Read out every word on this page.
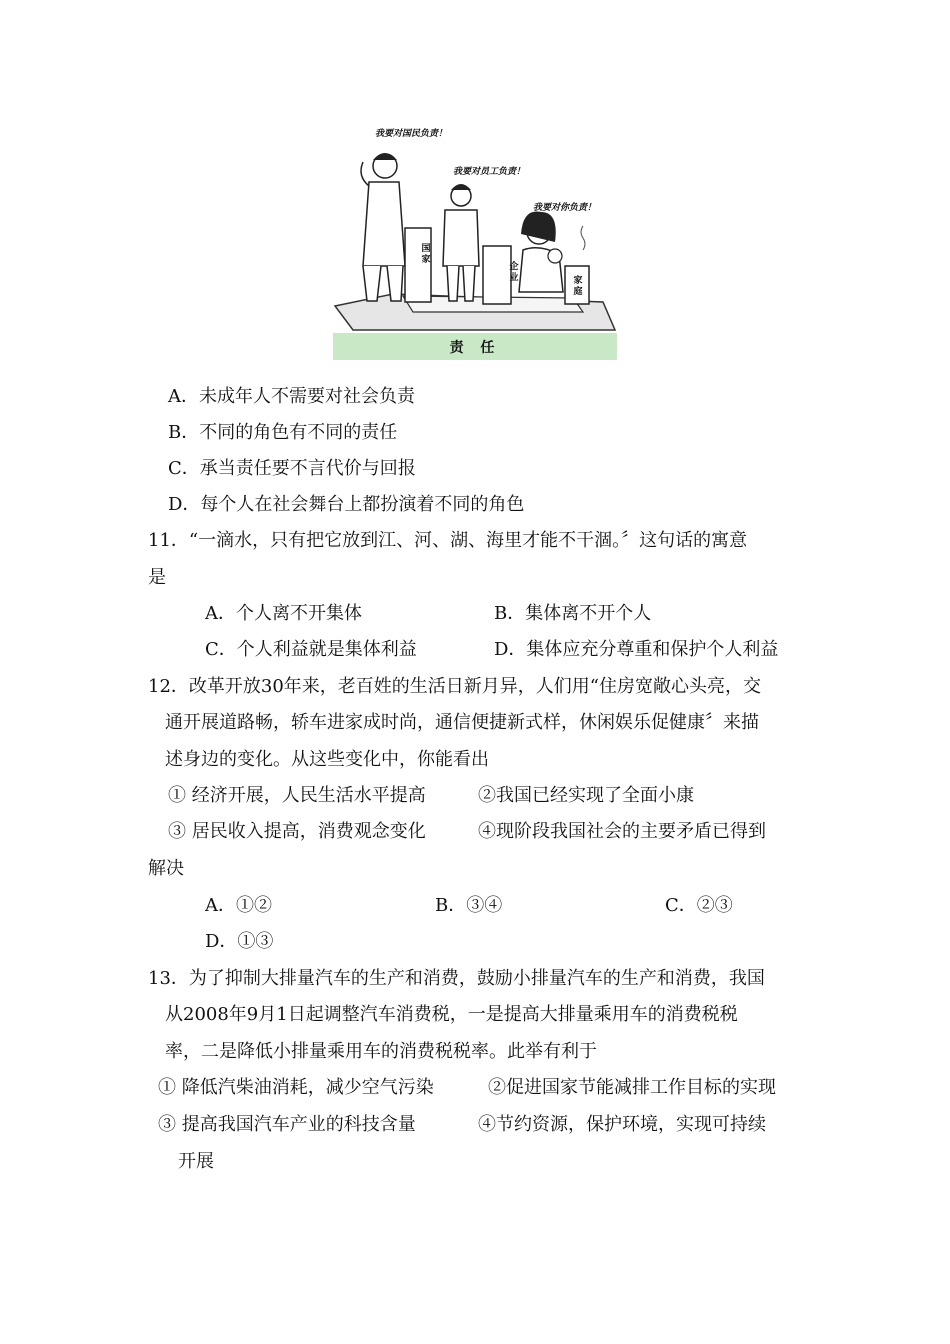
我要对国民负责！
我要对员工负责！
我要对你负责！
国家
企业	家庭
责 任
A．未成年人不需要对社会负责
B．不同的角色有不同的责任
C．承当责任要不言代价与回报
D．每个人在社会舞台上都扮演着不同的角色
11．“一滴水，只有把它放到江、河、湖、海里才能不干涸。〞这句话的寓意
是
A．个人离不开集体	B．集体离不开个人
C．个人利益就是集体利益	D．集体应充分尊重和保护个人利益
12．改革开放30年来，老百姓的生活日新月异，人们用“住房宽敞心头亮，交
通开展道路畅，轿车进家成时尚，通信便捷新式样，休闲娱乐促健康〞来描
述身边的变化。从这些变化中，你能看出
① 经济开展，人民生活水平提高	②我国已经实现了全面小康
③ 居民收入提高，消费观念变化	④现阶段我国社会的主要矛盾已得到
解决
A．①②	B．③④	C．②③
D．①③
13．为了抑制大排量汽车的生产和消费，鼓励小排量汽车的生产和消费，我国
从2008年9月1日起调整汽车消费税，一是提高大排量乘用车的消费税税
率，二是降低小排量乘用车的消费税税率。此举有利于
① 降低汽柴油消耗，减少空气污染	②促进国家节能减排工作目标的实现
③ 提高我国汽车产业的科技含量	④节约资源，保护环境，实现可持续
开展
